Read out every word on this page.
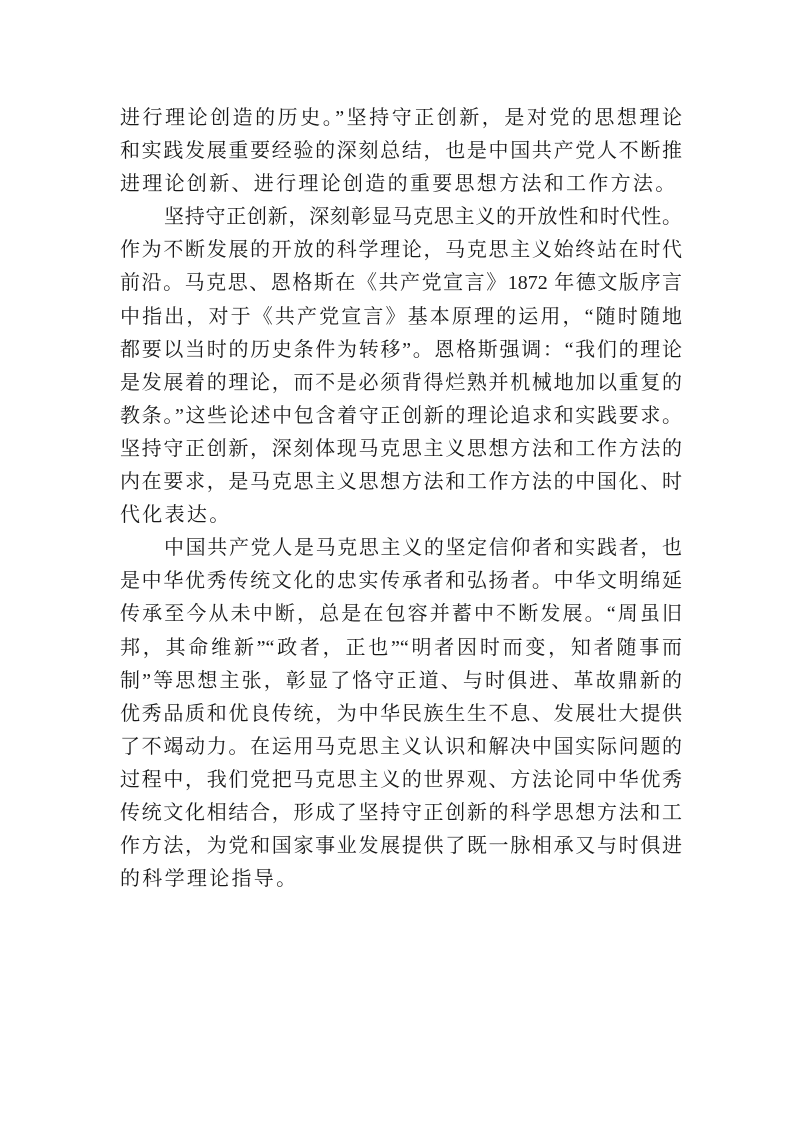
进行理论创造的历史。”坚持守正创新，是对党的思想理论
和实践发展重要经验的深刻总结，也是中国共产党人不断推
进理论创新、进行理论创造的重要思想方法和工作方法。
坚持守正创新，深刻彰显马克思主义的开放性和时代性。
作为不断发展的开放的科学理论，马克思主义始终站在时代
前沿。马克思、恩格斯在《共产党宣言》1872 年德文版序言
中指出，对于《共产党宣言》基本原理的运用，“随时随地
都要以当时的历史条件为转移”。恩格斯强调：“我们的理论
是发展着的理论，而不是必须背得烂熟并机械地加以重复的
教条。”这些论述中包含着守正创新的理论追求和实践要求。
坚持守正创新，深刻体现马克思主义思想方法和工作方法的
内在要求，是马克思主义思想方法和工作方法的中国化、时
代化表达。
中国共产党人是马克思主义的坚定信仰者和实践者，也
是中华优秀传统文化的忠实传承者和弘扬者。中华文明绵延
传承至今从未中断，总是在包容并蓄中不断发展。“周虽旧
邦，其命维新”“政者，正也”“明者因时而变，知者随事而
制”等思想主张，彰显了恪守正道、与时俱进、革故鼎新的
优秀品质和优良传统，为中华民族生生不息、发展壮大提供
了不竭动力。在运用马克思主义认识和解决中国实际问题的
过程中，我们党把马克思主义的世界观、方法论同中华优秀
传统文化相结合，形成了坚持守正创新的科学思想方法和工
作方法，为党和国家事业发展提供了既一脉相承又与时俱进
的科学理论指导。
